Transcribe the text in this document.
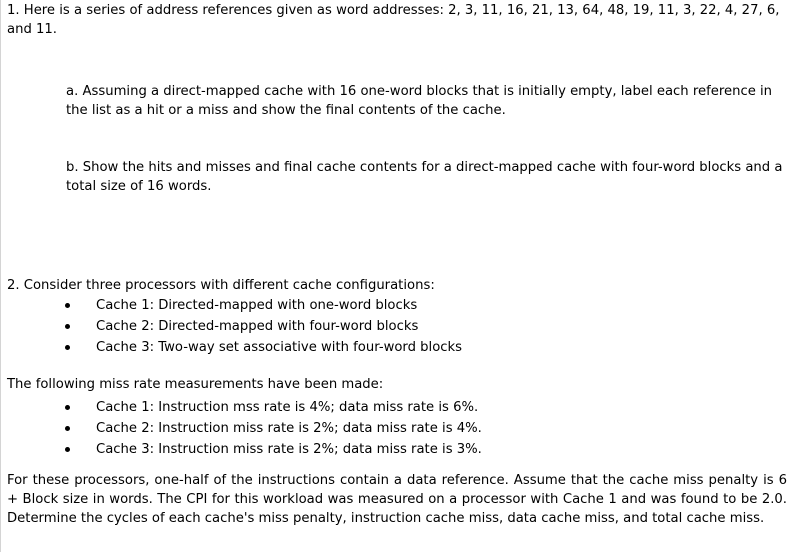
1. Here is a series of address references given as word addresses: 2, 3, 11, 16, 21, 13, 64, 48, 19, 11, 3, 22, 4, 27, 6, and 11.

a. Assuming a direct-mapped cache with 16 one-word blocks that is initially empty, label each reference in the list as a hit or a miss and show the final contents of the cache.

b. Show the hits and misses and final cache contents for a direct-mapped cache with four-word blocks and a total size of 16 words.

2. Consider three processors with different cache configurations:

Cache 1: Directed-mapped with one-word blocks
Cache 2: Directed-mapped with four-word blocks
Cache 3: Two-way set associative with four-word blocks

The following miss rate measurements have been made:

Cache 1: Instruction mss rate is 4%; data miss rate is 6%.
Cache 2: Instruction miss rate is 2%; data miss rate is 4%.
Cache 3: Instruction miss rate is 2%; data miss rate is 3%.

For these processors, one-half of the instructions contain a data reference. Assume that the cache miss penalty is 6 + Block size in words. The CPI for this workload was measured on a processor with Cache 1 and was found to be 2.0. Determine the cycles of each cache's miss penalty, instruction cache miss, data cache miss, and total cache miss.
